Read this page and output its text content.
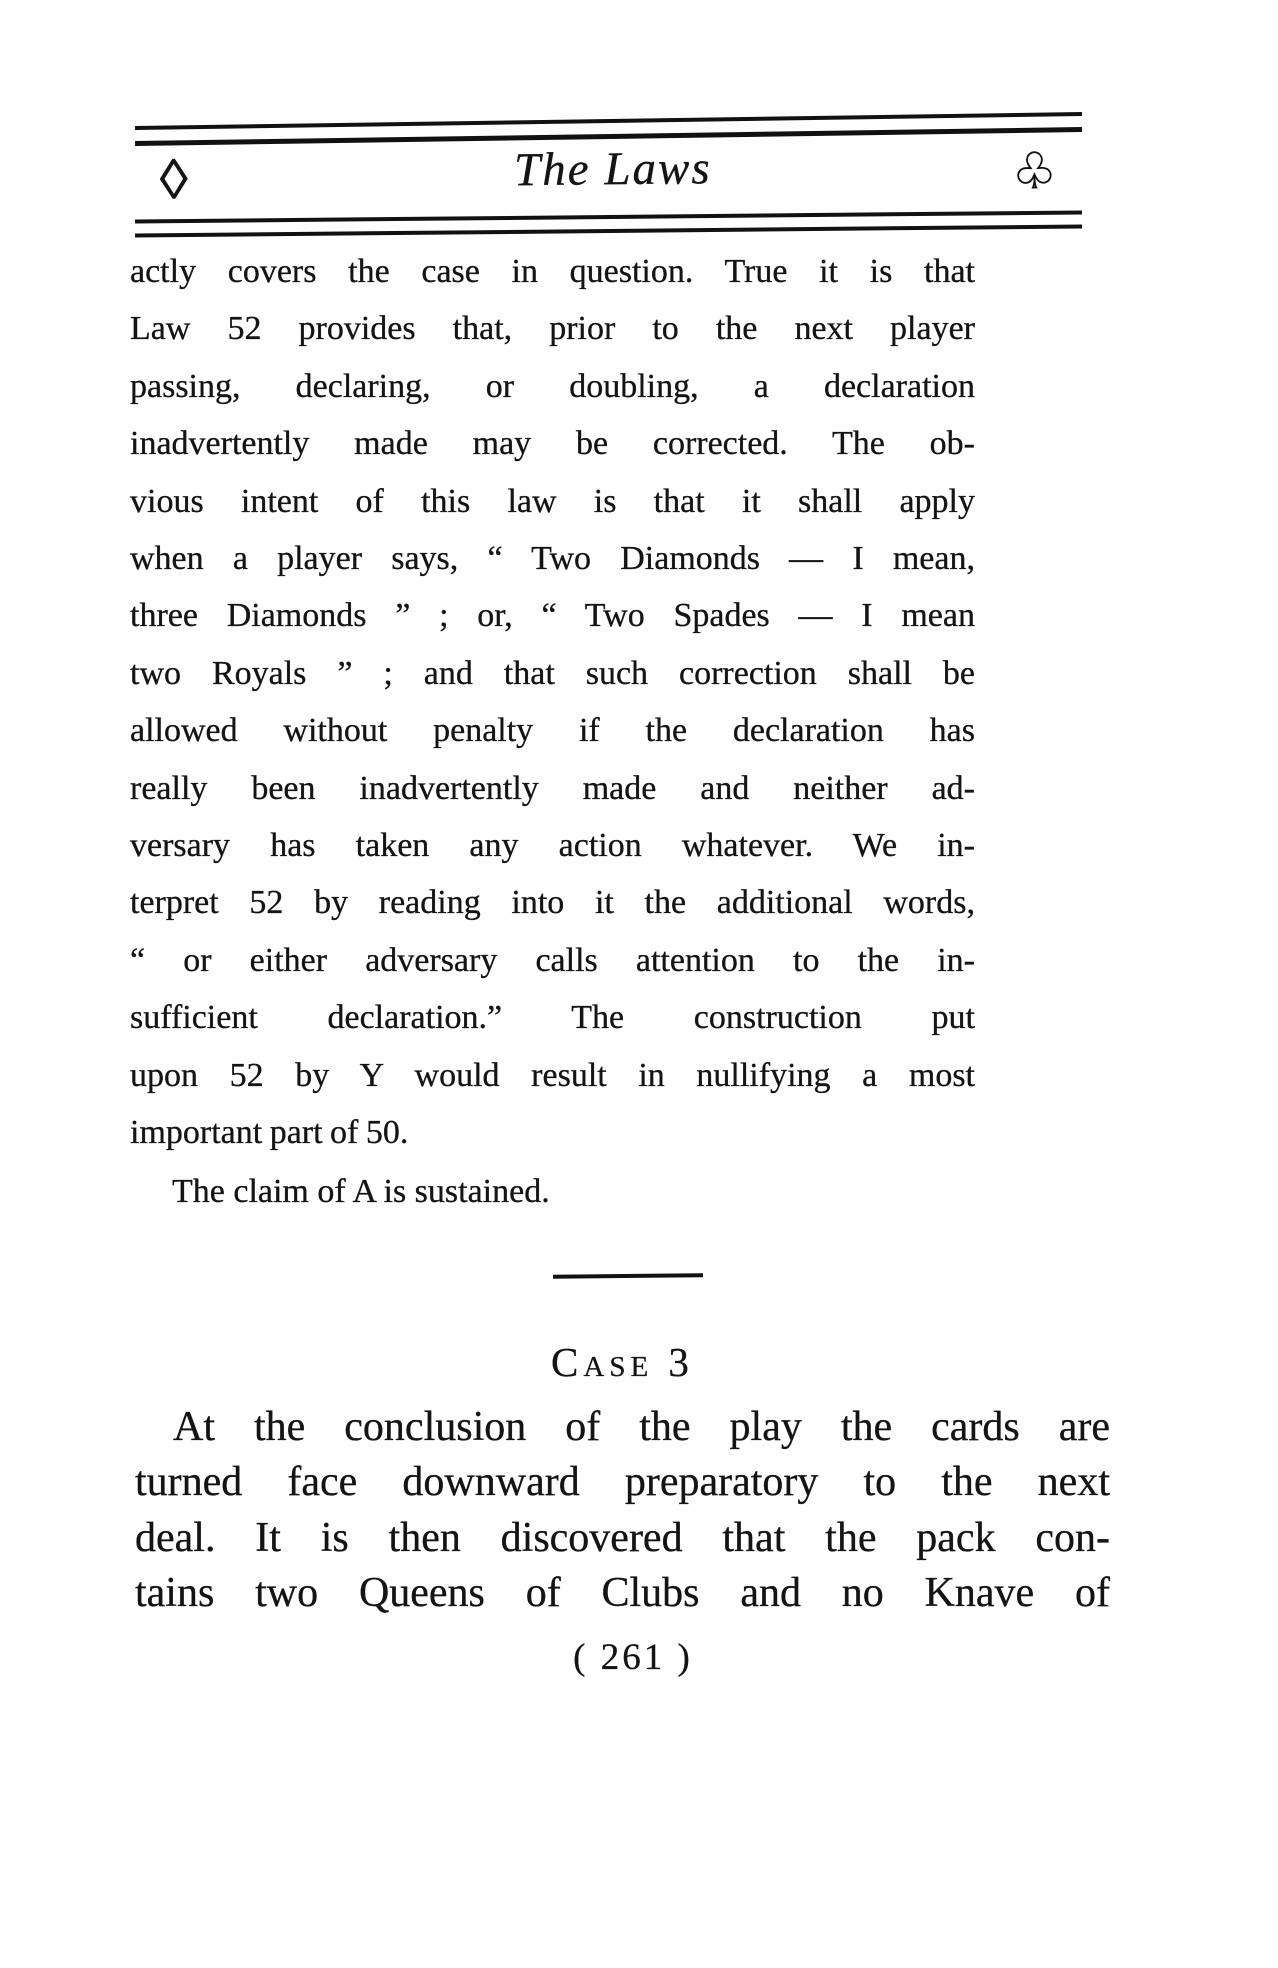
◊	The Laws	♧
actly covers the case in question. True it is that
Law 52 provides that, prior to the next player
passing, declaring, or doubling, a declaration
inadvertently made may be corrected. The ob-
vious intent of this law is that it shall apply
when a player says, “ Two Diamonds — I mean,
three Diamonds ” ; or, “ Two Spades — I mean
two Royals ” ; and that such correction shall be
allowed without penalty if the declaration has
really been inadvertently made and neither ad-
versary has taken any action whatever. We in-
terpret 52 by reading into it the additional words,
“ or either adversary calls attention to the in-
sufficient declaration.” The construction put
upon 52 by Y would result in nullifying a most
important part of 50.
The claim of A is sustained.
Case 3
At the conclusion of the play the cards are
turned face downward preparatory to the next
deal. It is then discovered that the pack con-
tains two Queens of Clubs and no Knave of
( 261 )
